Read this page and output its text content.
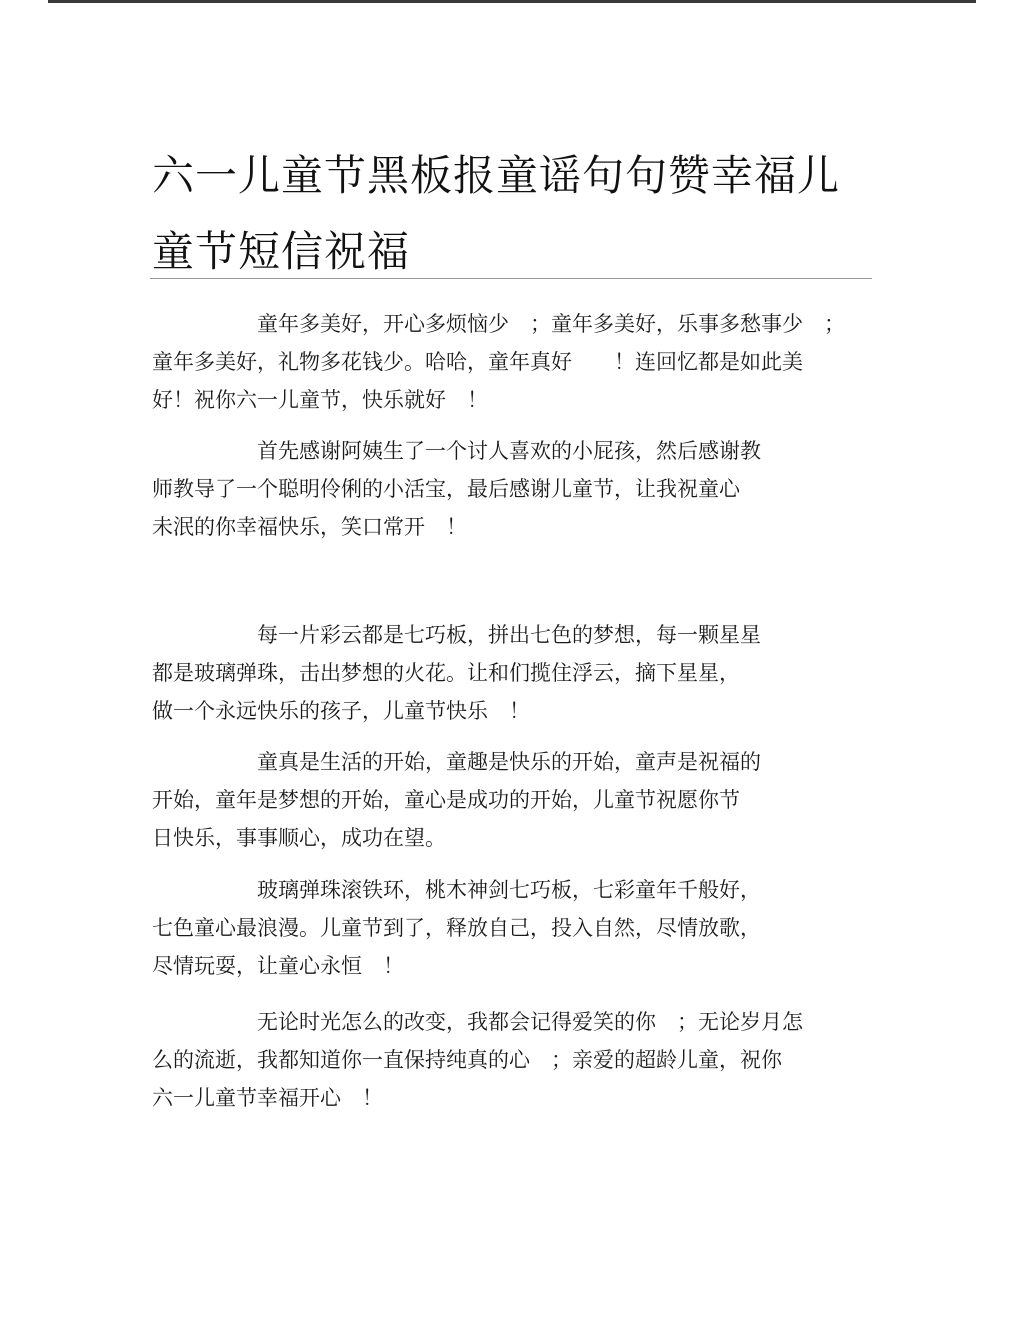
六一儿童节黑板报童谣句句赞幸福儿
童节短信祝福

　　　　　童年多美好，开心多烦恼少　；童年多美好，乐事多愁事少　；
童年多美好，礼物多花钱少。哈哈，童年真好　　！连回忆都是如此美
好！祝你六一儿童节，快乐就好　！

　　　　　首先感谢阿姨生了一个讨人喜欢的小屁孩，然后感谢教
师教导了一个聪明伶俐的小活宝，最后感谢儿童节，让我祝童心
未泯的你幸福快乐，笑口常开　！

　　　　　每一片彩云都是七巧板，拼出七色的梦想，每一颗星星
都是玻璃弹珠，击出梦想的火花。让和们揽住浮云，摘下星星，
做一个永远快乐的孩子，儿童节快乐　！

　　　　　童真是生活的开始，童趣是快乐的开始，童声是祝福的
开始，童年是梦想的开始，童心是成功的开始，儿童节祝愿你节
日快乐，事事顺心，成功在望。

　　　　　玻璃弹珠滚铁环，桃木神剑七巧板，七彩童年千般好，
七色童心最浪漫。儿童节到了，释放自己，投入自然，尽情放歌，
尽情玩耍，让童心永恒　！

　　　　　无论时光怎么的改变，我都会记得爱笑的你　；无论岁月怎
么的流逝，我都知道你一直保持纯真的心　；亲爱的超龄儿童，祝你
六一儿童节幸福开心　！
